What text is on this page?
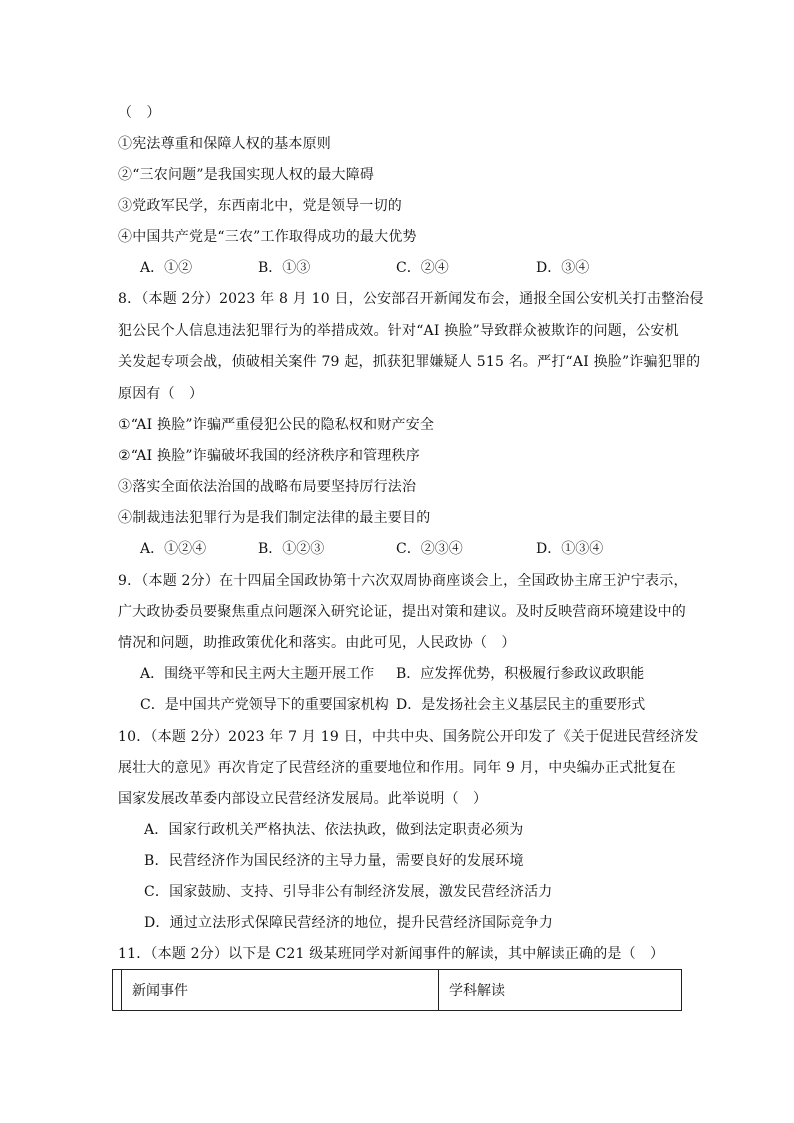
（　）
①宪法尊重和保障人权的基本原则
②“三农问题”是我国实现人权的最大障碍
③党政军民学，东西南北中，党是领导一切的
④中国共产党是“三农”工作取得成功的最大优势
A．①②	B．①③	C．②④	D．③④
8．（本题 2分）2023 年 8 月 10 日，公安部召开新闻发布会，通报全国公安机关打击整治侵
犯公民个人信息违法犯罪行为的举措成效。针对“AI 换脸”导致群众被欺诈的问题，公安机
关发起专项会战，侦破相关案件 79 起，抓获犯罪嫌疑人 515 名。严打“AI 换脸”诈骗犯罪的
原因有（　）
①“AI 换脸”诈骗严重侵犯公民的隐私权和财产安全
②“AI 换脸”诈骗破坏我国的经济秩序和管理秩序
③落实全面依法治国的战略布局要坚持厉行法治
④制裁违法犯罪行为是我们制定法律的最主要目的
A．①②④	B．①②③	C．②③④	D．①③④
9．（本题 2分）在十四届全国政协第十六次双周协商座谈会上，全国政协主席王沪宁表示，
广大政协委员要聚焦重点问题深入研究论证，提出对策和建议。及时反映营商环境建设中的
情况和问题，助推政策优化和落实。由此可见，人民政协（　）
A．围绕平等和民主两大主题开展工作 B．应发挥优势，积极履行参政议政职能
C．是中国共产党领导下的重要国家机构 D．是发扬社会主义基层民主的重要形式
10．（本题 2分）2023 年 7 月 19 日，中共中央、国务院公开印发了《关于促进民营经济发
展壮大的意见》再次肯定了民营经济的重要地位和作用。同年 9 月，中央编办正式批复在
国家发展改革委内部设立民营经济发展局。此举说明（　）
A．国家行政机关严格执法、依法执政，做到法定职责必须为
B．民营经济作为国民经济的主导力量，需要良好的发展环境
C．国家鼓励、支持、引导非公有制经济发展，激发民营经济活力
D．通过立法形式保障民营经济的地位，提升民营经济国际竞争力
11．（本题 2分）以下是 C21 级某班同学对新闻事件的解读，其中解读正确的是（　）
	新闻事件	学科解读
